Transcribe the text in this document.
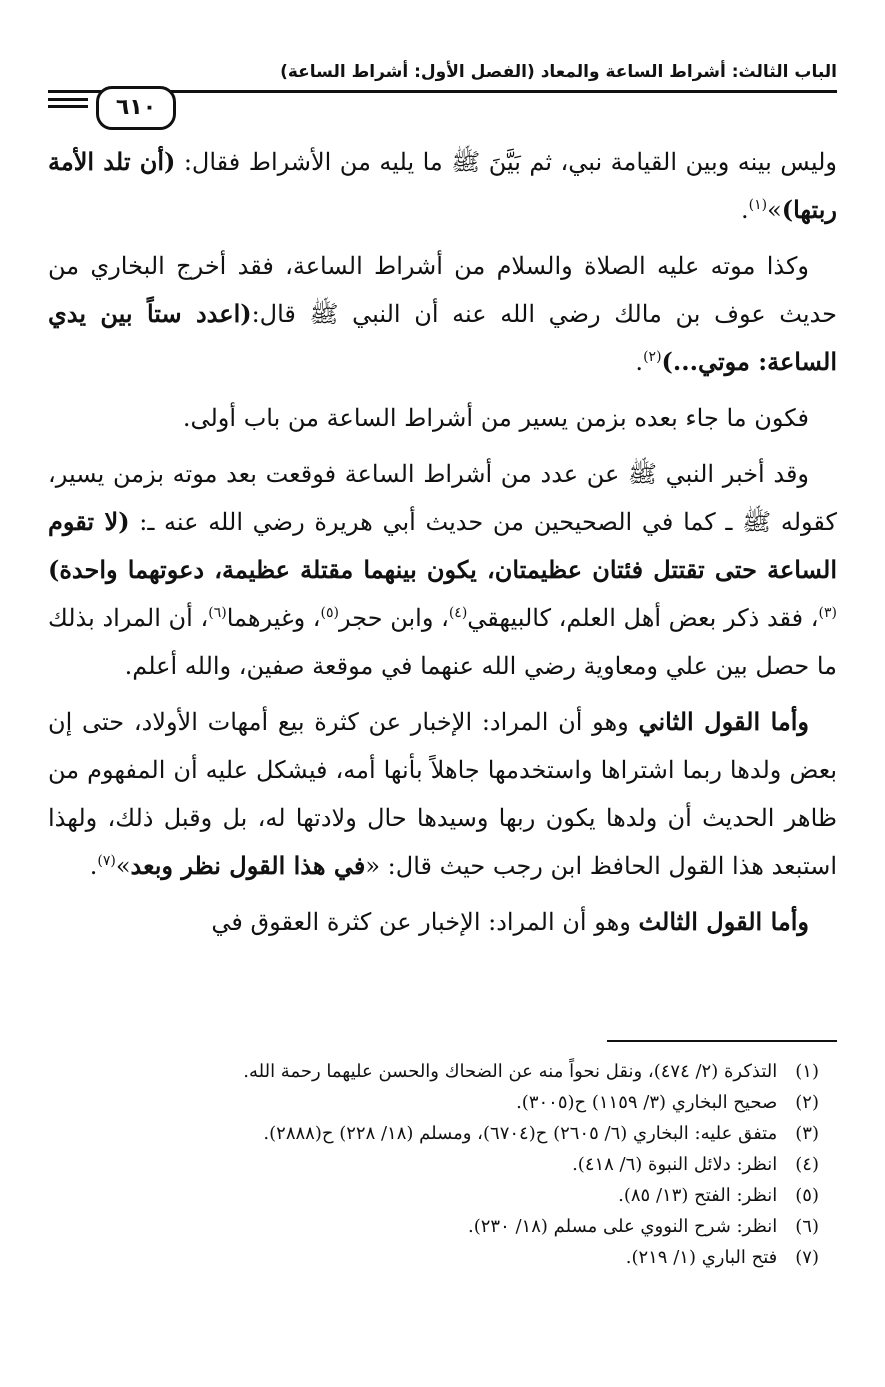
الباب الثالث: أشراط الساعة والمعاد (الفصل الأول: أشراط الساعة)
٦١٠

وليس بينه وبين القيامة نبي، ثم بَيَّنَ ﷺ ما يليه من الأشراط فقال: (أن تلد الأمة ربتها)»$^{(١)}$.

وكذا موته عليه الصلاة والسلام من أشراط الساعة، فقد أخرج البخاري من حديث عوف بن مالك رضي الله عنه أن النبي ﷺ قال:(اعدد ستاً بين يدي الساعة: موتي...)$^{(٢)}$.

فكون ما جاء بعده بزمن يسير من أشراط الساعة من باب أولى.

وقد أخبر النبي ﷺ عن عدد من أشراط الساعة فوقعت بعد موته بزمن يسير، كقوله ﷺ ـ كما في الصحيحين من حديث أبي هريرة رضي الله عنه ـ: (لا تقوم الساعة حتى تقتتل فئتان عظيمتان، يكون بينهما مقتلة عظيمة، دعوتهما واحدة)$^{(٣)}$، فقد ذكر بعض أهل العلم، كالبيهقي$^{(٤)}$، وابن حجر$^{(٥)}$، وغيرهما$^{(٦)}$، أن المراد بذلك ما حصل بين علي ومعاوية رضي الله عنهما في موقعة صفين، والله أعلم.

وأما القول الثاني وهو أن المراد: الإخبار عن كثرة بيع أمهات الأولاد، حتى إن بعض ولدها ربما اشتراها واستخدمها جاهلاً بأنها أمه، فيشكل عليه أن المفهوم من ظاهر الحديث أن ولدها يكون ربها وسيدها حال ولادتها له، بل وقبل ذلك، ولهذا استبعد هذا القول الحافظ ابن رجب حيث قال: «في هذا القول نظر وبعد»$^{(٧)}$.

وأما القول الثالث وهو أن المراد: الإخبار عن كثرة العقوق في

(١) التذكرة (٢/ ٤٧٤)، ونقل نحواً منه عن الضحاك والحسن عليهما رحمة الله.
(٢) صحيح البخاري (٣/ ١١٥٩) ح(٣٠٠٥).
(٣) متفق عليه: البخاري (٦/ ٢٦٠٥) ح(٦٧٠٤)، ومسلم (١٨/ ٢٢٨) ح(٢٨٨٨).
(٤) انظر: دلائل النبوة (٦/ ٤١٨).
(٥) انظر: الفتح (١٣/ ٨٥).
(٦) انظر: شرح النووي على مسلم (١٨/ ٢٣٠).
(٧) فتح الباري (١/ ٢١٩).
